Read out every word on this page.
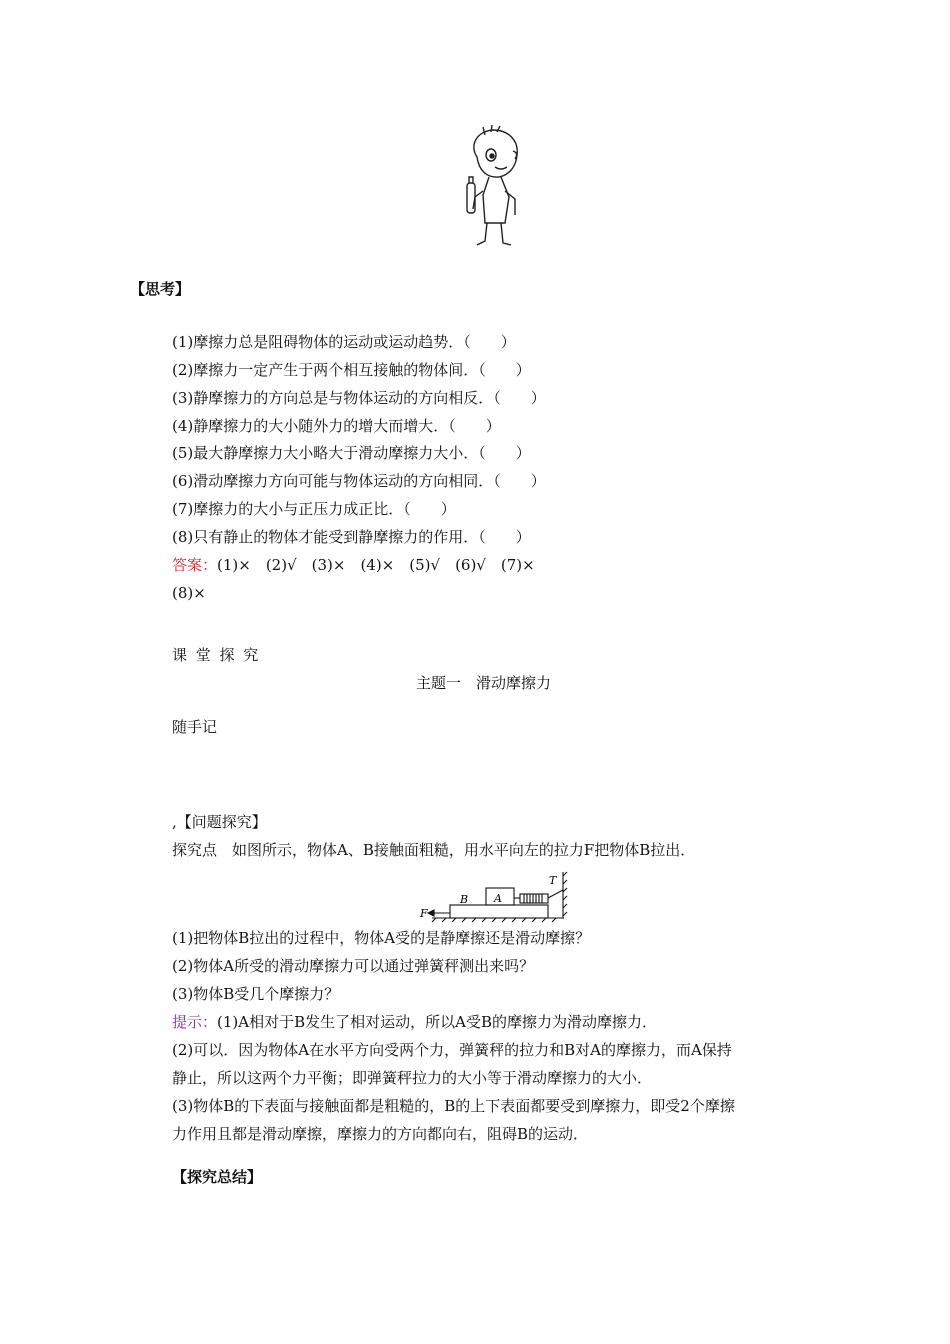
【思考】
(1)摩擦力总是阻碍物体的运动或运动趋势．（　　）
(2)摩擦力一定产生于两个相互接触的物体间．（　　）
(3)静摩擦力的方向总是与物体运动的方向相反．（　　）
(4)静摩擦力的大小随外力的增大而增大．（　　）
(5)最大静摩擦力大小略大于滑动摩擦力大小．（　　）
(6)滑动摩擦力方向可能与物体运动的方向相同．（　　）
(7)摩擦力的大小与正压力成正比．（　　）
(8)只有静止的物体才能受到静摩擦力的作用．（　　）
答案：(1)×　(2)√　(3)×　(4)×　(5)√　(6)√　(7)×
(8)×
课 堂 探 究
主题一　滑动摩擦力
随手记
,【问题探究】
探究点　如图所示，物体A、B接触面粗糙，用水平向左的拉力F把物体B拉出．
F
B A
T
(1)把物体B拉出的过程中，物体A受的是静摩擦还是滑动摩擦？
(2)物体A所受的滑动摩擦力可以通过弹簧秤测出来吗？
(3)物体B受几个摩擦力？
提示：(1)A相对于B发生了相对运动，所以A受B的摩擦力为滑动摩擦力．
(2)可以．因为物体A在水平方向受两个力，弹簧秤的拉力和B对A的摩擦力，而A保持
静止，所以这两个力平衡；即弹簧秤拉力的大小等于滑动摩擦力的大小．
(3)物体B的下表面与接触面都是粗糙的，B的上下表面都要受到摩擦力，即受2个摩擦
力作用且都是滑动摩擦，摩擦力的方向都向右，阻碍B的运动．
【探究总结】
